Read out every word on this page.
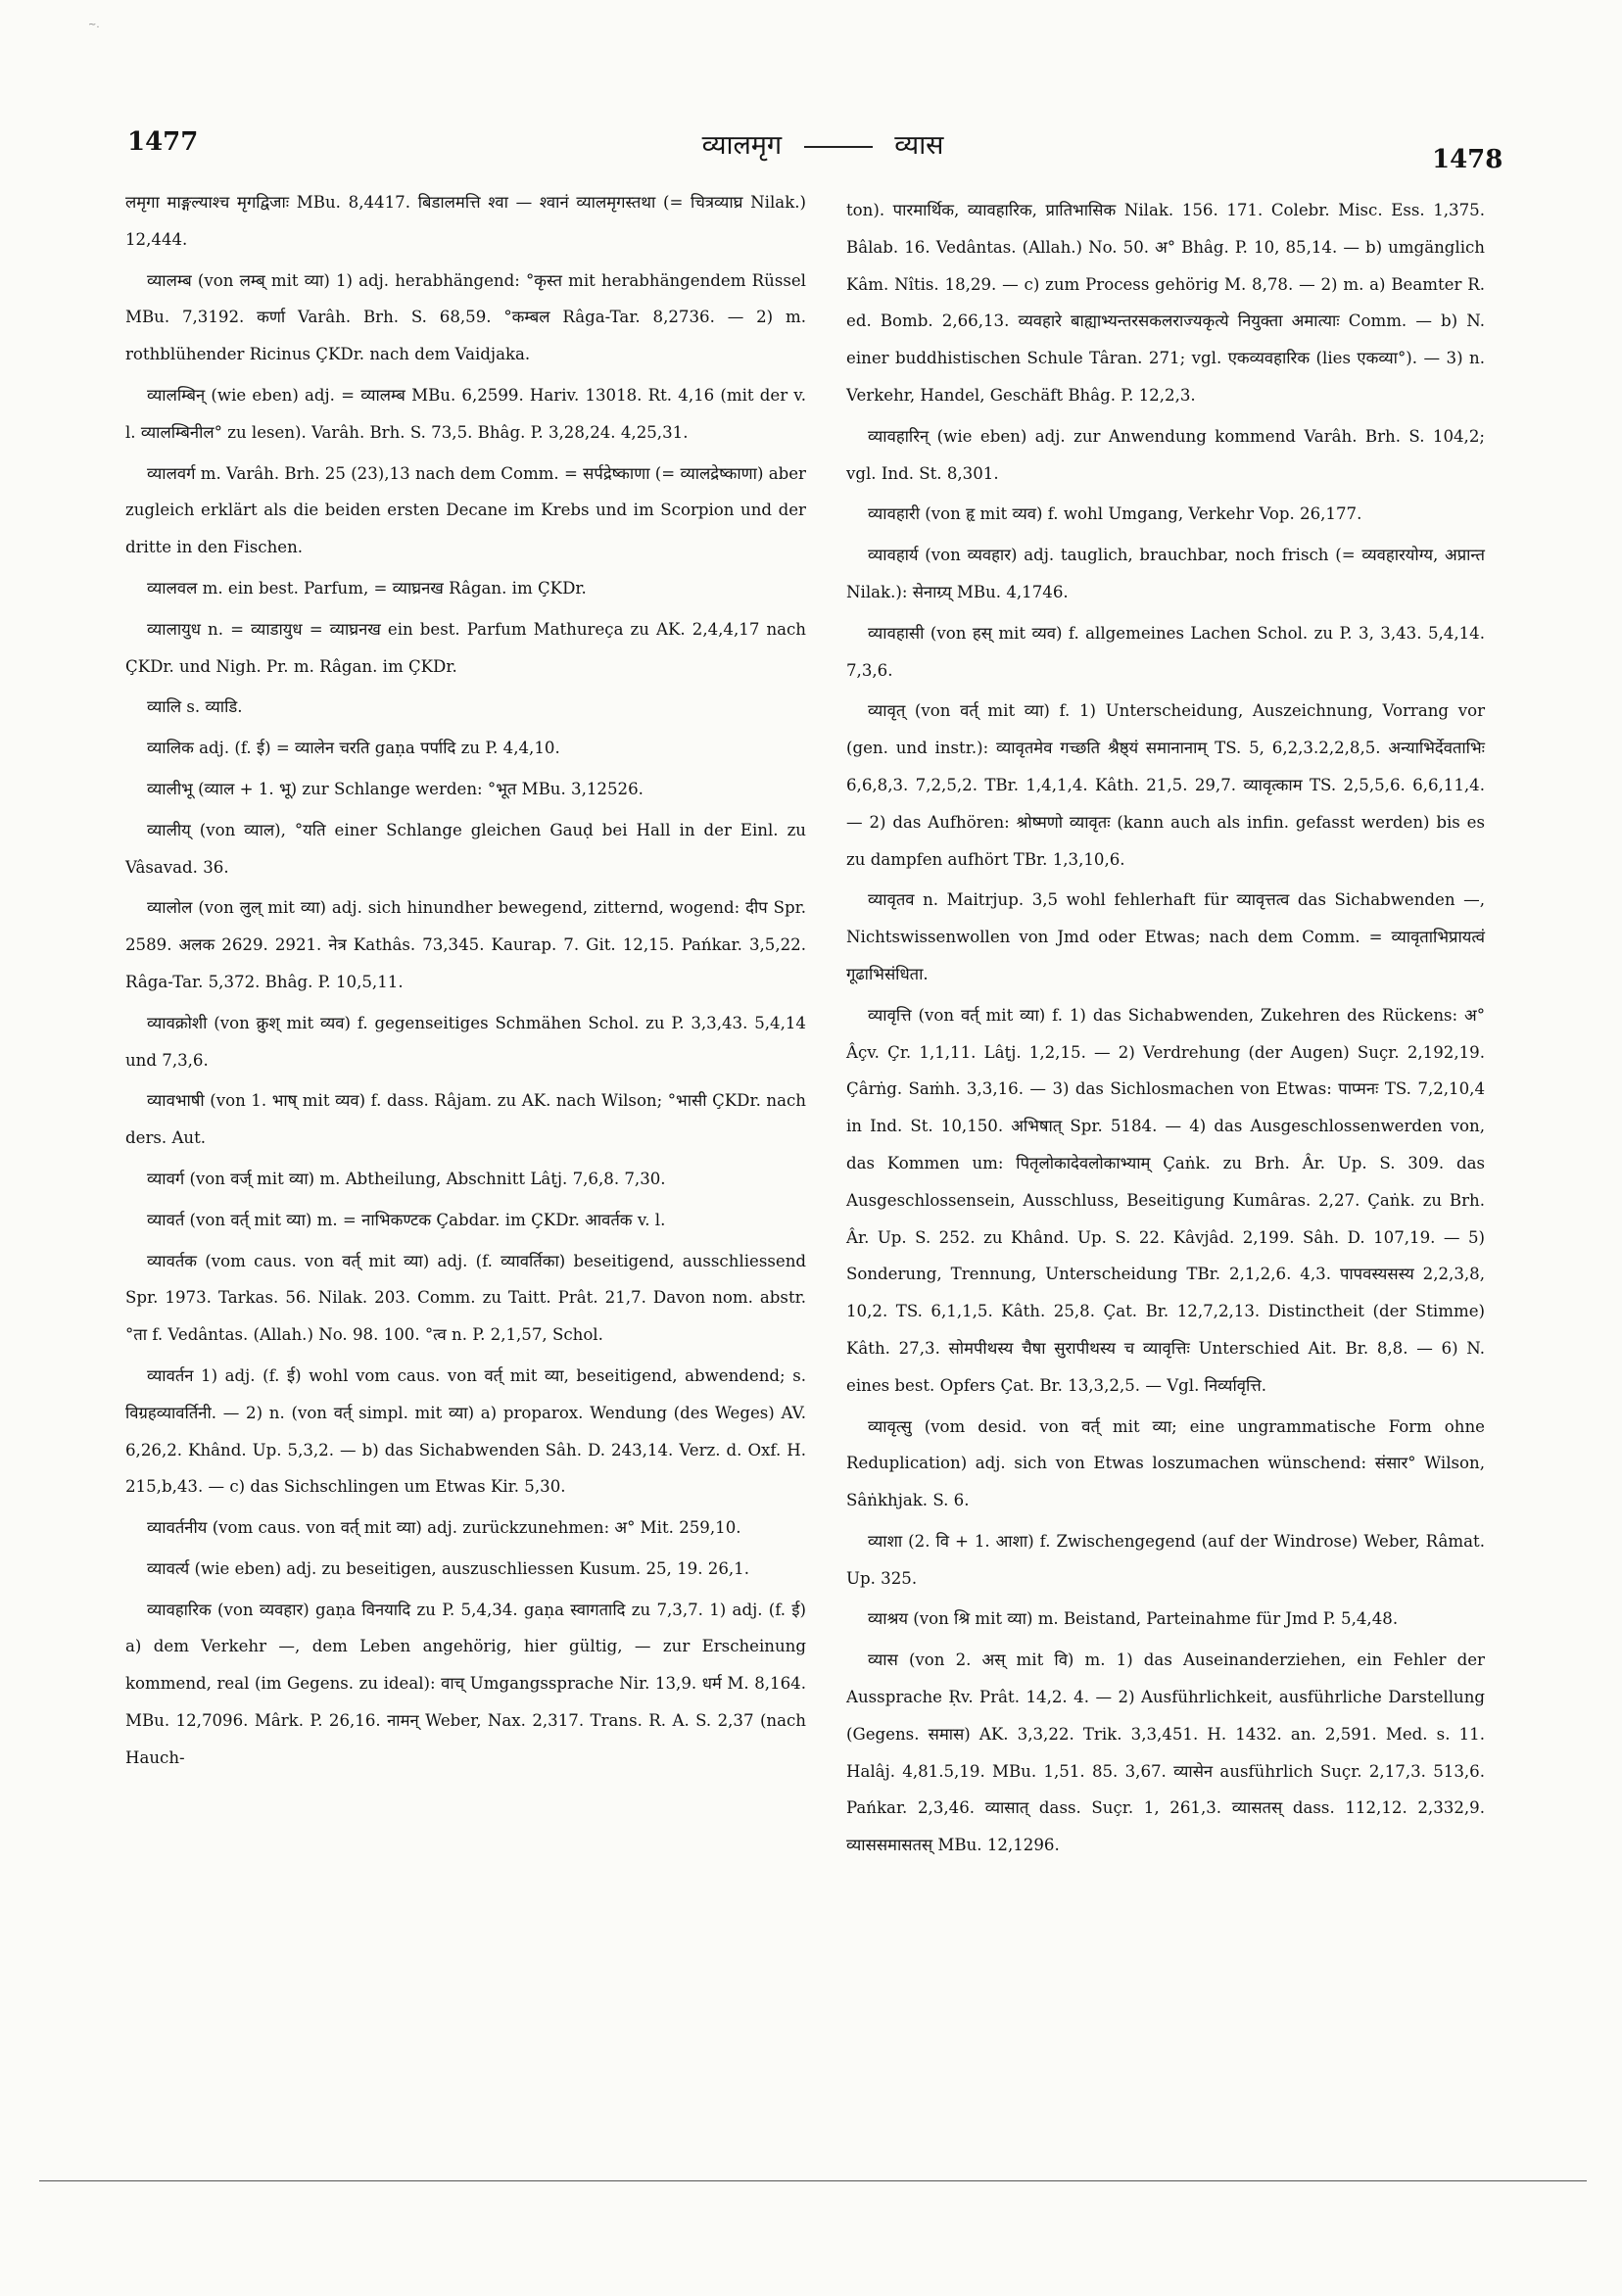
~.
1477	व्यालमृग	व्यास	1478

लमृगा माङ्गल्याश्च मृगद्विजाः MBu. 8,4417. बिडालमत्ति श्वा — श्वानं व्यालमृगस्तथा (= चित्रव्याघ्र Nilak.) 12,444.

व्यालम्ब (von लम्ब् mit व्या) 1) adj. herabhängend: °कृस्त mit herabhängendem Rüssel MBu. 7,3192. कर्णा Varâh. Brh. S. 68,59. °कम्बल Râga-Tar. 8,2736. — 2) m. rothblühender Ricinus ÇKDr. nach dem Vaidjaka.

व्यालम्बिन् (wie eben) adj. = व्यालम्ब MBu. 6,2599. Hariv. 13018. Rt. 4,16 (mit der v. l. व्यालम्बिनील° zu lesen). Varâh. Brh. S. 73,5. Bhâg. P. 3,28,24. 4,25,31.

व्यालवर्ग m. Varâh. Brh. 25 (23),13 nach dem Comm. = सर्पद्रेष्काणा (= व्यालद्रेष्काणा) aber zugleich erklärt als die beiden ersten Decane im Krebs und im Scorpion und der dritte in den Fischen.

व्यालवल m. ein best. Parfum, = व्याघ्रनख Râgan. im ÇKDr.

व्यालायुध n. = व्याडायुध = व्याघ्रनख ein best. Parfum Mathureça zu AK. 2,4,4,17 nach ÇKDr. und Nigh. Pr. m. Râgan. im ÇKDr.

व्यालि s. व्याडि.

व्यालिक adj. (f. ई) = व्यालेन चरति gaṇa पर्पादि zu P. 4,4,10.

व्यालीभू (व्याल + 1. भू) zur Schlange werden: °भूत MBu. 3,12526.

व्यालीय् (von व्याल), °यति einer Schlange gleichen Gauḍ bei Hall in der Einl. zu Vâsavad. 36.

व्यालोल (von लुल् mit व्या) adj. sich hinundher bewegend, zitternd, wogend: दीप Spr. 2589. अलक 2629. 2921. नेत्र Kathâs. 73,345. Kaurap. 7. Git. 12,15. Pańkar. 3,5,22. Râga-Tar. 5,372. Bhâg. P. 10,5,11.

व्यावक्रोशी (von क्रुश् mit व्यव) f. gegenseitiges Schmähen Schol. zu P. 3,3,43. 5,4,14 und 7,3,6.

व्यावभाषी (von 1. भाष् mit व्यव) f. dass. Râjam. zu AK. nach Wilson; °भासी ÇKDr. nach ders. Aut.

व्यावर्ग (von वर्ज् mit व्या) m. Abtheilung, Abschnitt Lâṭj. 7,6,8. 7,30.

व्यावर्त (von वर्त् mit व्या) m. = नाभिकण्टक Çabdar. im ÇKDr. आवर्तक v. l.

व्यावर्तक (vom caus. von वर्त् mit व्या) adj. (f. व्यावर्तिका) beseitigend, ausschliessend Spr. 1973. Tarkas. 56. Nilak. 203. Comm. zu Taitt. Prât. 21,7. Davon nom. abstr. °ता f. Vedântas. (Allah.) No. 98. 100. °त्व n. P. 2,1,57, Schol.

व्यावर्तन 1) adj. (f. ई) wohl vom caus. von वर्त् mit व्या, beseitigend, abwendend; s. विग्रहव्यावर्तिनी. — 2) n. (von वर्त् simpl. mit व्या) a) proparox. Wendung (des Weges) AV. 6,26,2. Khând. Up. 5,3,2. — b) das Sichabwenden Sâh. D. 243,14. Verz. d. Oxf. H. 215,b,43. — c) das Sichschlingen um Etwas Kir. 5,30.

व्यावर्तनीय (vom caus. von वर्त् mit व्या) adj. zurückzunehmen: अ° Mit. 259,10.

व्यावर्त्य (wie eben) adj. zu beseitigen, auszuschliessen Kusum. 25, 19. 26,1.

व्यावहारिक (von व्यवहार) gaṇa विनयादि zu P. 5,4,34. gaṇa स्वागतादि zu 7,3,7. 1) adj. (f. ई) a) dem Verkehr —, dem Leben angehörig, hier gültig, — zur Erscheinung kommend, real (im Gegens. zu ideal): वाच् Umgangssprache Nir. 13,9. धर्म M. 8,164. MBu. 12,7096. Mârk. P. 26,16. नामन् Weber, Nax. 2,317. Trans. R. A. S. 2,37 (nach Hauch-

ton). पारमार्थिक, व्यावहारिक, प्रातिभासिक Nilak. 156. 171. Colebr. Misc. Ess. 1,375. Bâlab. 16. Vedântas. (Allah.) No. 50. अ° Bhâg. P. 10, 85,14. — b) umgänglich Kâm. Nîtis. 18,29. — c) zum Process gehörig M. 8,78. — 2) m. a) Beamter R. ed. Bomb. 2,66,13. व्यवहारे बाह्याभ्यन्तरसकलराज्यकृत्ये नियुक्ता अमात्याः Comm. — b) N. einer buddhistischen Schule Târan. 271; vgl. एकव्यवहारिक (lies एकव्या°). — 3) n. Verkehr, Handel, Geschäft Bhâg. P. 12,2,3.

व्यावहारिन् (wie eben) adj. zur Anwendung kommend Varâh. Brh. S. 104,2; vgl. Ind. St. 8,301.

व्यावहारी (von हृ mit व्यव) f. wohl Umgang, Verkehr Vop. 26,177.

व्यावहार्य (von व्यवहार) adj. tauglich, brauchbar, noch frisch (= व्यवहारयोग्य, अप्रान्त Nilak.): सेनाग्र्य् MBu. 4,1746.

व्यावहासी (von हस् mit व्यव) f. allgemeines Lachen Schol. zu P. 3, 3,43. 5,4,14. 7,3,6.

व्यावृत् (von वर्त् mit व्या) f. 1) Unterscheidung, Auszeichnung, Vorrang vor (gen. und instr.): व्यावृतमेव गच्छति श्रैष्ठ्यं समानानाम् TS. 5, 6,2,3.2,2,8,5. अन्याभिर्देवताभिः 6,6,8,3. 7,2,5,2. TBr. 1,4,1,4. Kâth. 21,5. 29,7. व्यावृत्काम TS. 2,5,5,6. 6,6,11,4. — 2) das Aufhören: श्रोष्मणो व्यावृतः (kann auch als infin. gefasst werden) bis es zu dampfen aufhört TBr. 1,3,10,6.

व्यावृतव n. Maitrjup. 3,5 wohl fehlerhaft für व्यावृत्तत्व das Sichabwenden —, Nichtswissenwollen von Jmd oder Etwas; nach dem Comm. = व्यावृताभिप्रायत्वं गूढाभिसंधिता.

व्यावृत्ति (von वर्त् mit व्या) f. 1) das Sichabwenden, Zukehren des Rückens: अ° Âçv. Çr. 1,1,11. Lâṭj. 1,2,15. — 2) Verdrehung (der Augen) Suçr. 2,192,19. Çârṅg. Saṁh. 3,3,16. — 3) das Sichlosmachen von Etwas: पाप्मनः TS. 7,2,10,4 in Ind. St. 10,150. अभिषात् Spr. 5184. — 4) das Ausgeschlossenwerden von, das Kommen um: पितृलोकादेवलोकाभ्याम् Çaṅk. zu Brh. Âr. Up. S. 309. das Ausgeschlossensein, Ausschluss, Beseitigung Kumâras. 2,27. Çaṅk. zu Brh. Âr. Up. S. 252. zu Khând. Up. S. 22. Kâvjâd. 2,199. Sâh. D. 107,19. — 5) Sonderung, Trennung, Unterscheidung TBr. 2,1,2,6. 4,3. पापवस्यसस्य 2,2,3,8, 10,2. TS. 6,1,1,5. Kâth. 25,8. Çat. Br. 12,7,2,13. Distinctheit (der Stimme) Kâth. 27,3. सोमपीथस्य चैषा सुरापीथस्य च व्यावृत्तिः Unterschied Ait. Br. 8,8. — 6) N. eines best. Opfers Çat. Br. 13,3,2,5. — Vgl. निर्व्यावृत्ति.

व्यावृत्सु (vom desid. von वर्त् mit व्या; eine ungrammatische Form ohne Reduplication) adj. sich von Etwas loszumachen wünschend: संसार° Wilson, Sâṅkhjak. S. 6.

व्याशा (2. वि + 1. आशा) f. Zwischengegend (auf der Windrose) Weber, Râmat. Up. 325.

व्याश्रय (von श्रि mit व्या) m. Beistand, Parteinahme für Jmd P. 5,4,48.

व्यास (von 2. अस् mit वि) m. 1) das Auseinanderziehen, ein Fehler der Aussprache Ṛv. Prât. 14,2. 4. — 2) Ausführlichkeit, ausführliche Darstellung (Gegens. समास) AK. 3,3,22. Trik. 3,3,451. H. 1432. an. 2,591. Med. s. 11. Halâj. 4,81.5,19. MBu. 1,51. 85. 3,67. व्यासेन ausführlich Suçr. 2,17,3. 513,6. Pańkar. 2,3,46. व्यासात् dass. Suçr. 1, 261,3. व्यासतस् dass. 112,12. 2,332,9. व्याससमासतस् MBu. 12,1296.
